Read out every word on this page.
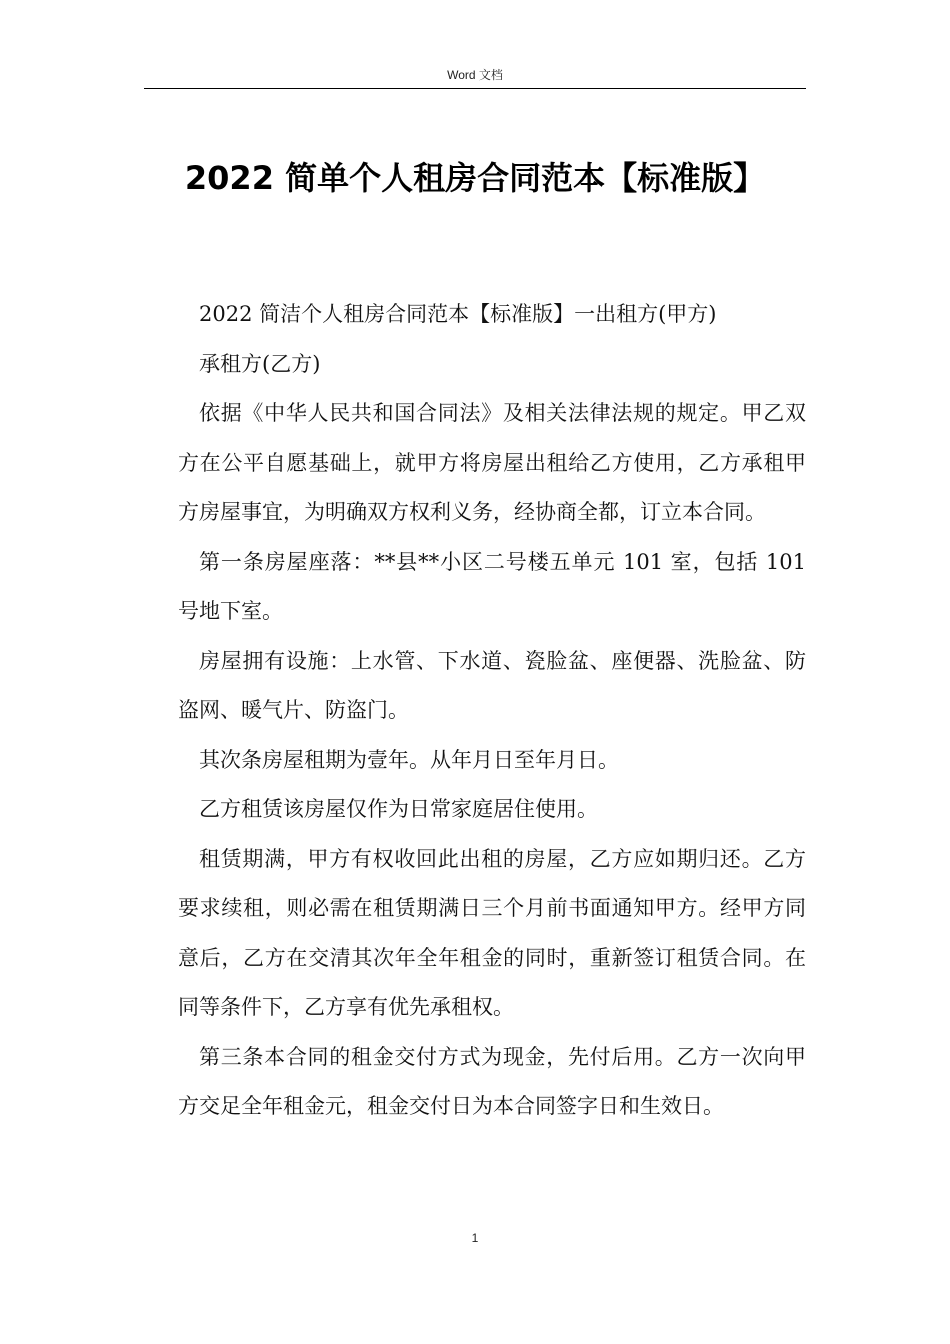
Word 文档
2022 简单个人租房合同范本【标准版】

2022 简洁个人租房合同范本【标准版】一出租方(甲方)

承租方(乙方)

依据《中华人民共和国合同法》及相关法律法规的规定。甲乙双方在公平自愿基础上，就甲方将房屋出租给乙方使用，乙方承租甲方房屋事宜，为明确双方权利义务，经协商全都，订立本合同。

第一条房屋座落：**县**小区二号楼五单元 101 室，包括 101 号地下室。

房屋拥有设施：上水管、下水道、瓷脸盆、座便器、洗脸盆、防盗网、暖气片、防盗门。

其次条房屋租期为壹年。从年月日至年月日。

乙方租赁该房屋仅作为日常家庭居住使用。

租赁期满，甲方有权收回此出租的房屋，乙方应如期归还。乙方要求续租，则必需在租赁期满日三个月前书面通知甲方。经甲方同意后，乙方在交清其次年全年租金的同时，重新签订租赁合同。在同等条件下，乙方享有优先承租权。

第三条本合同的租金交付方式为现金，先付后用。乙方一次向甲方交足全年租金元，租金交付日为本合同签字日和生效日。

1
